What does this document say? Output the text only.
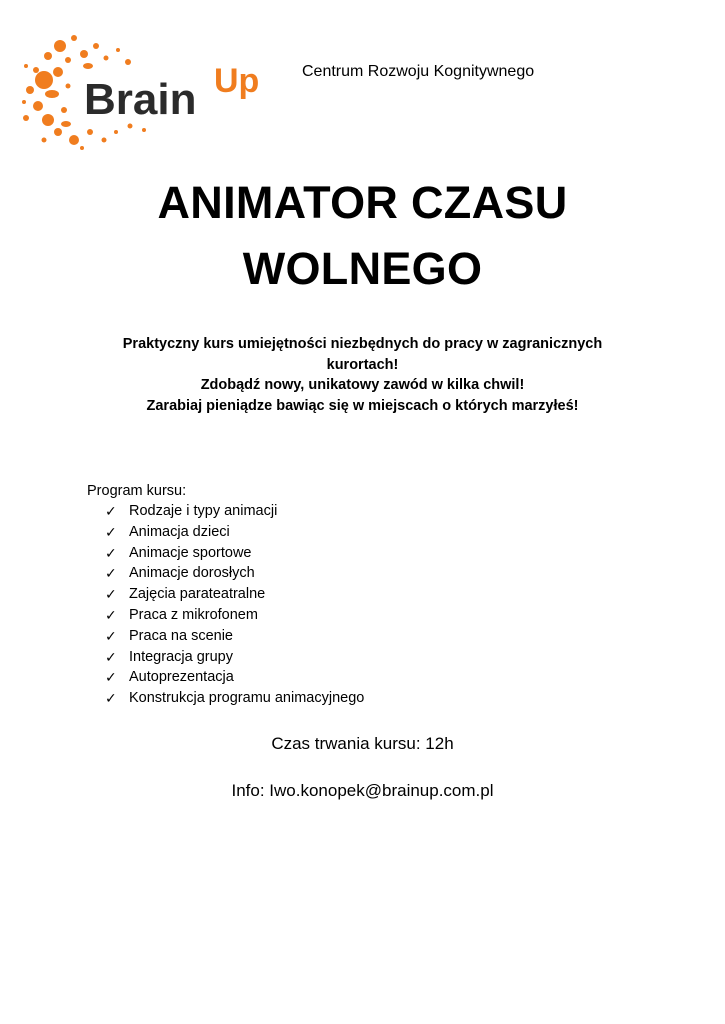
Brain Up	Centrum Rozwoju Kognitywnego
ANIMATOR CZASU
WOLNEGO
Praktyczny kurs umiejętności niezbędnych do pracy w zagranicznych
kurortach!
Zdobądź nowy, unikatowy zawód w kilka chwil!
Zarabiaj pieniądze bawiąc się w miejscach o których marzyłeś!
Program kursu:
✓ Rodzaje i typy animacji
✓ Animacja dzieci
✓ Animacje sportowe
✓ Animacje dorosłych
✓ Zajęcia parateatralne
✓ Praca z mikrofonem
✓ Praca na scenie
✓ Integracja grupy
✓ Autoprezentacja
✓ Konstrukcja programu animacyjnego
Czas trwania kursu: 12h
Info: Iwo.konopek@brainup.com.pl
